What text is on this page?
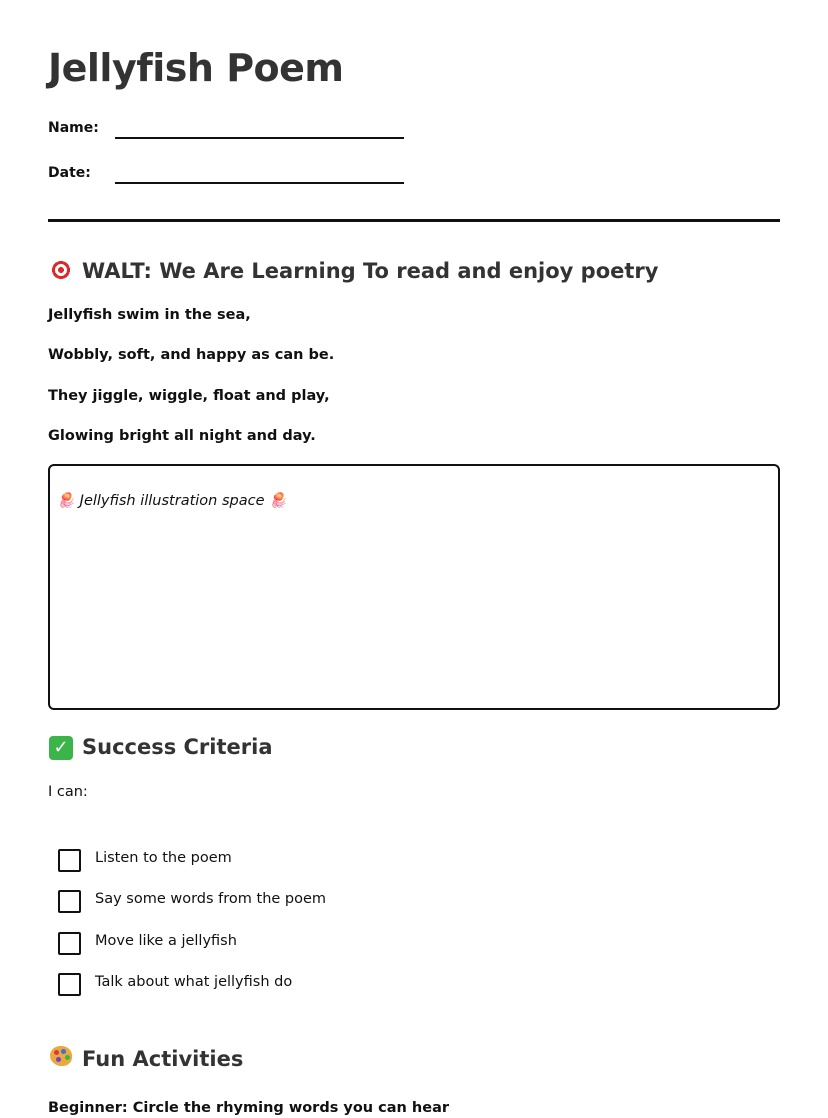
Jellyfish Poem
Name:
Date:
WALT: We Are Learning To read and enjoy poetry
Jellyfish swim in the sea,
Wobbly, soft, and happy as can be.
They jiggle, wiggle, float and play,
Glowing bright all night and day.
🪼 Jellyfish illustration space 🪼
✓ Success Criteria
I can:
Listen to the poem
Say some words from the poem
Move like a jellyfish
Talk about what jellyfish do
Fun Activities
Beginner: Circle the rhyming words you can hear
